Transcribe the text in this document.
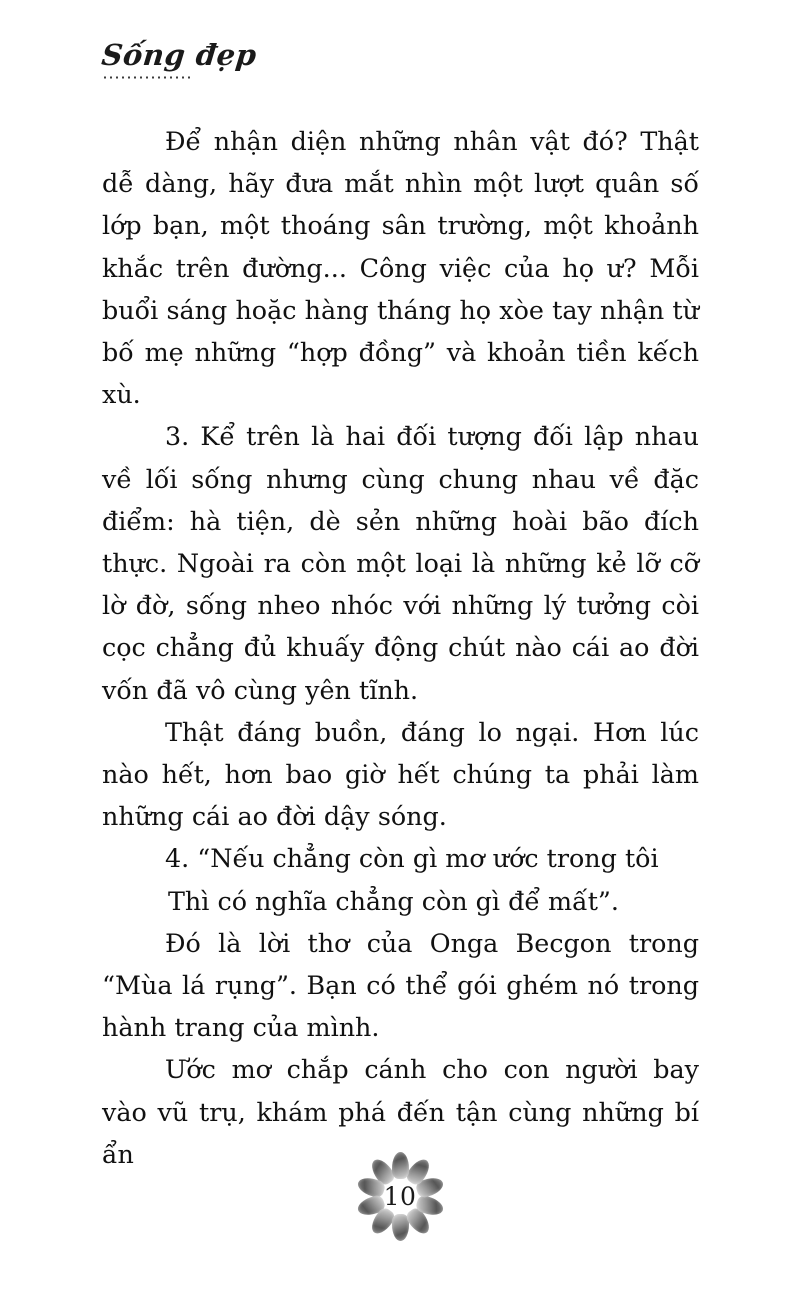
Sống đẹp

Để nhận diện những nhân vật đó? Thật dễ dàng, hãy đưa mắt nhìn một lượt quân số lớp bạn, một thoáng sân trường, một khoảnh khắc trên đường... Công việc của họ ư? Mỗi buổi sáng hoặc hàng tháng họ xòe tay nhận từ bố mẹ những “hợp đồng” và khoản tiền kếch xù.

3. Kể trên là hai đối tượng đối lập nhau về lối sống nhưng cùng chung nhau về đặc điểm: hà tiện, dè sẻn những hoài bão đích thực. Ngoài ra còn một loại là những kẻ lỡ cỡ lờ đờ, sống nheo nhóc với những lý tưởng còi cọc chẳng đủ khuấy động chút nào cái ao đời vốn đã vô cùng yên tĩnh.

Thật đáng buồn, đáng lo ngại. Hơn lúc nào hết, hơn bao giờ hết chúng ta phải làm những cái ao đời dậy sóng.

4. “Nếu chẳng còn gì mơ ước trong tôi

Thì có nghĩa chẳng còn gì để mất”.

Đó là lời thơ của Onga Becgon trong “Mùa lá rụng”. Bạn có thể gói ghém nó trong hành trang của mình.

Ước mơ chắp cánh cho con người bay vào vũ trụ, khám phá đến tận cùng những bí ẩn

10
